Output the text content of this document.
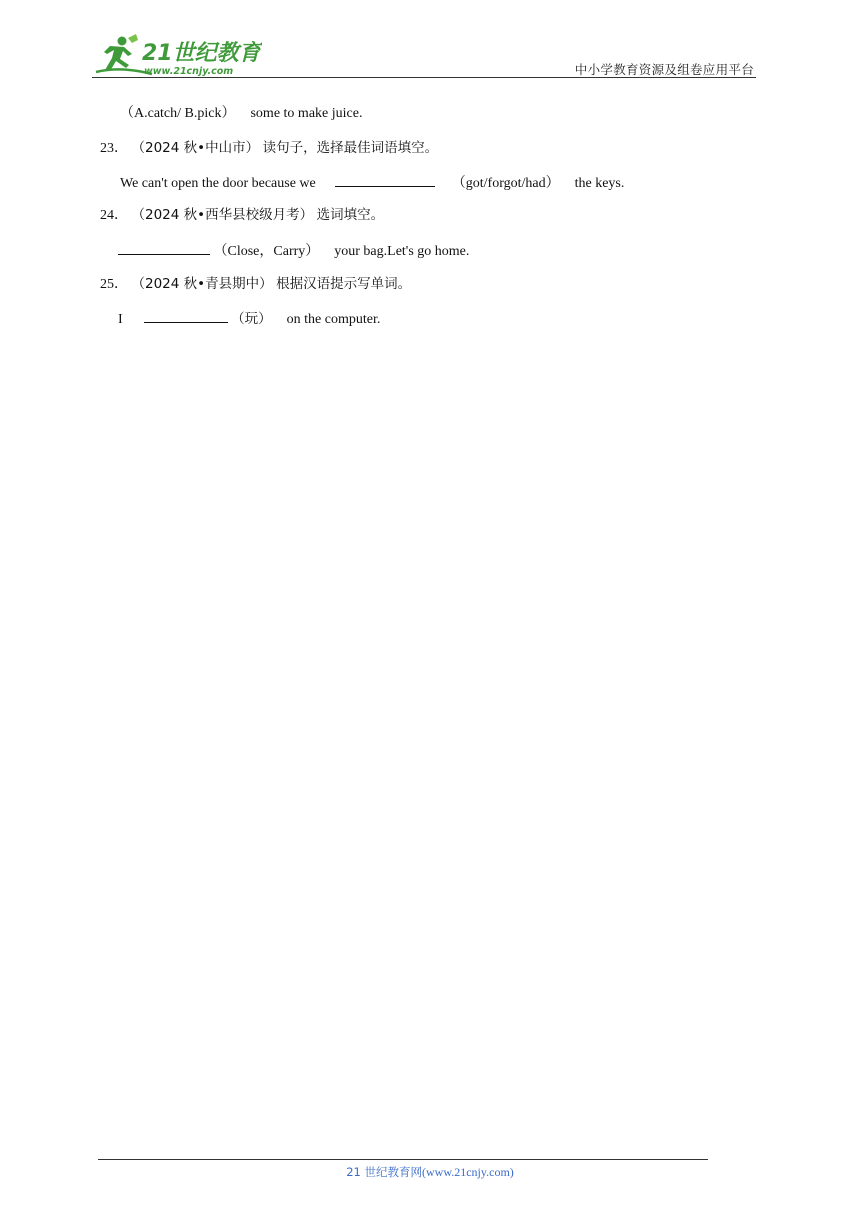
21世纪教育
www.21cnjy.com	中小学教育资源及组卷应用平台
（A.catch/ B.pick） some to make juice.
23． （2024 秋•中山市） 读句子，选择最佳词语填空。
We can't open the door because we	（got/forgot/had） the keys.
24． （2024 秋•西华县校级月考） 选词填空。
（Close，Carry） your bag.Let's go home.
25． （2024 秋•青县期中） 根据汉语提示写单词。
I	（玩） on the computer.
21 世纪教育网(www.21cnjy.com)
